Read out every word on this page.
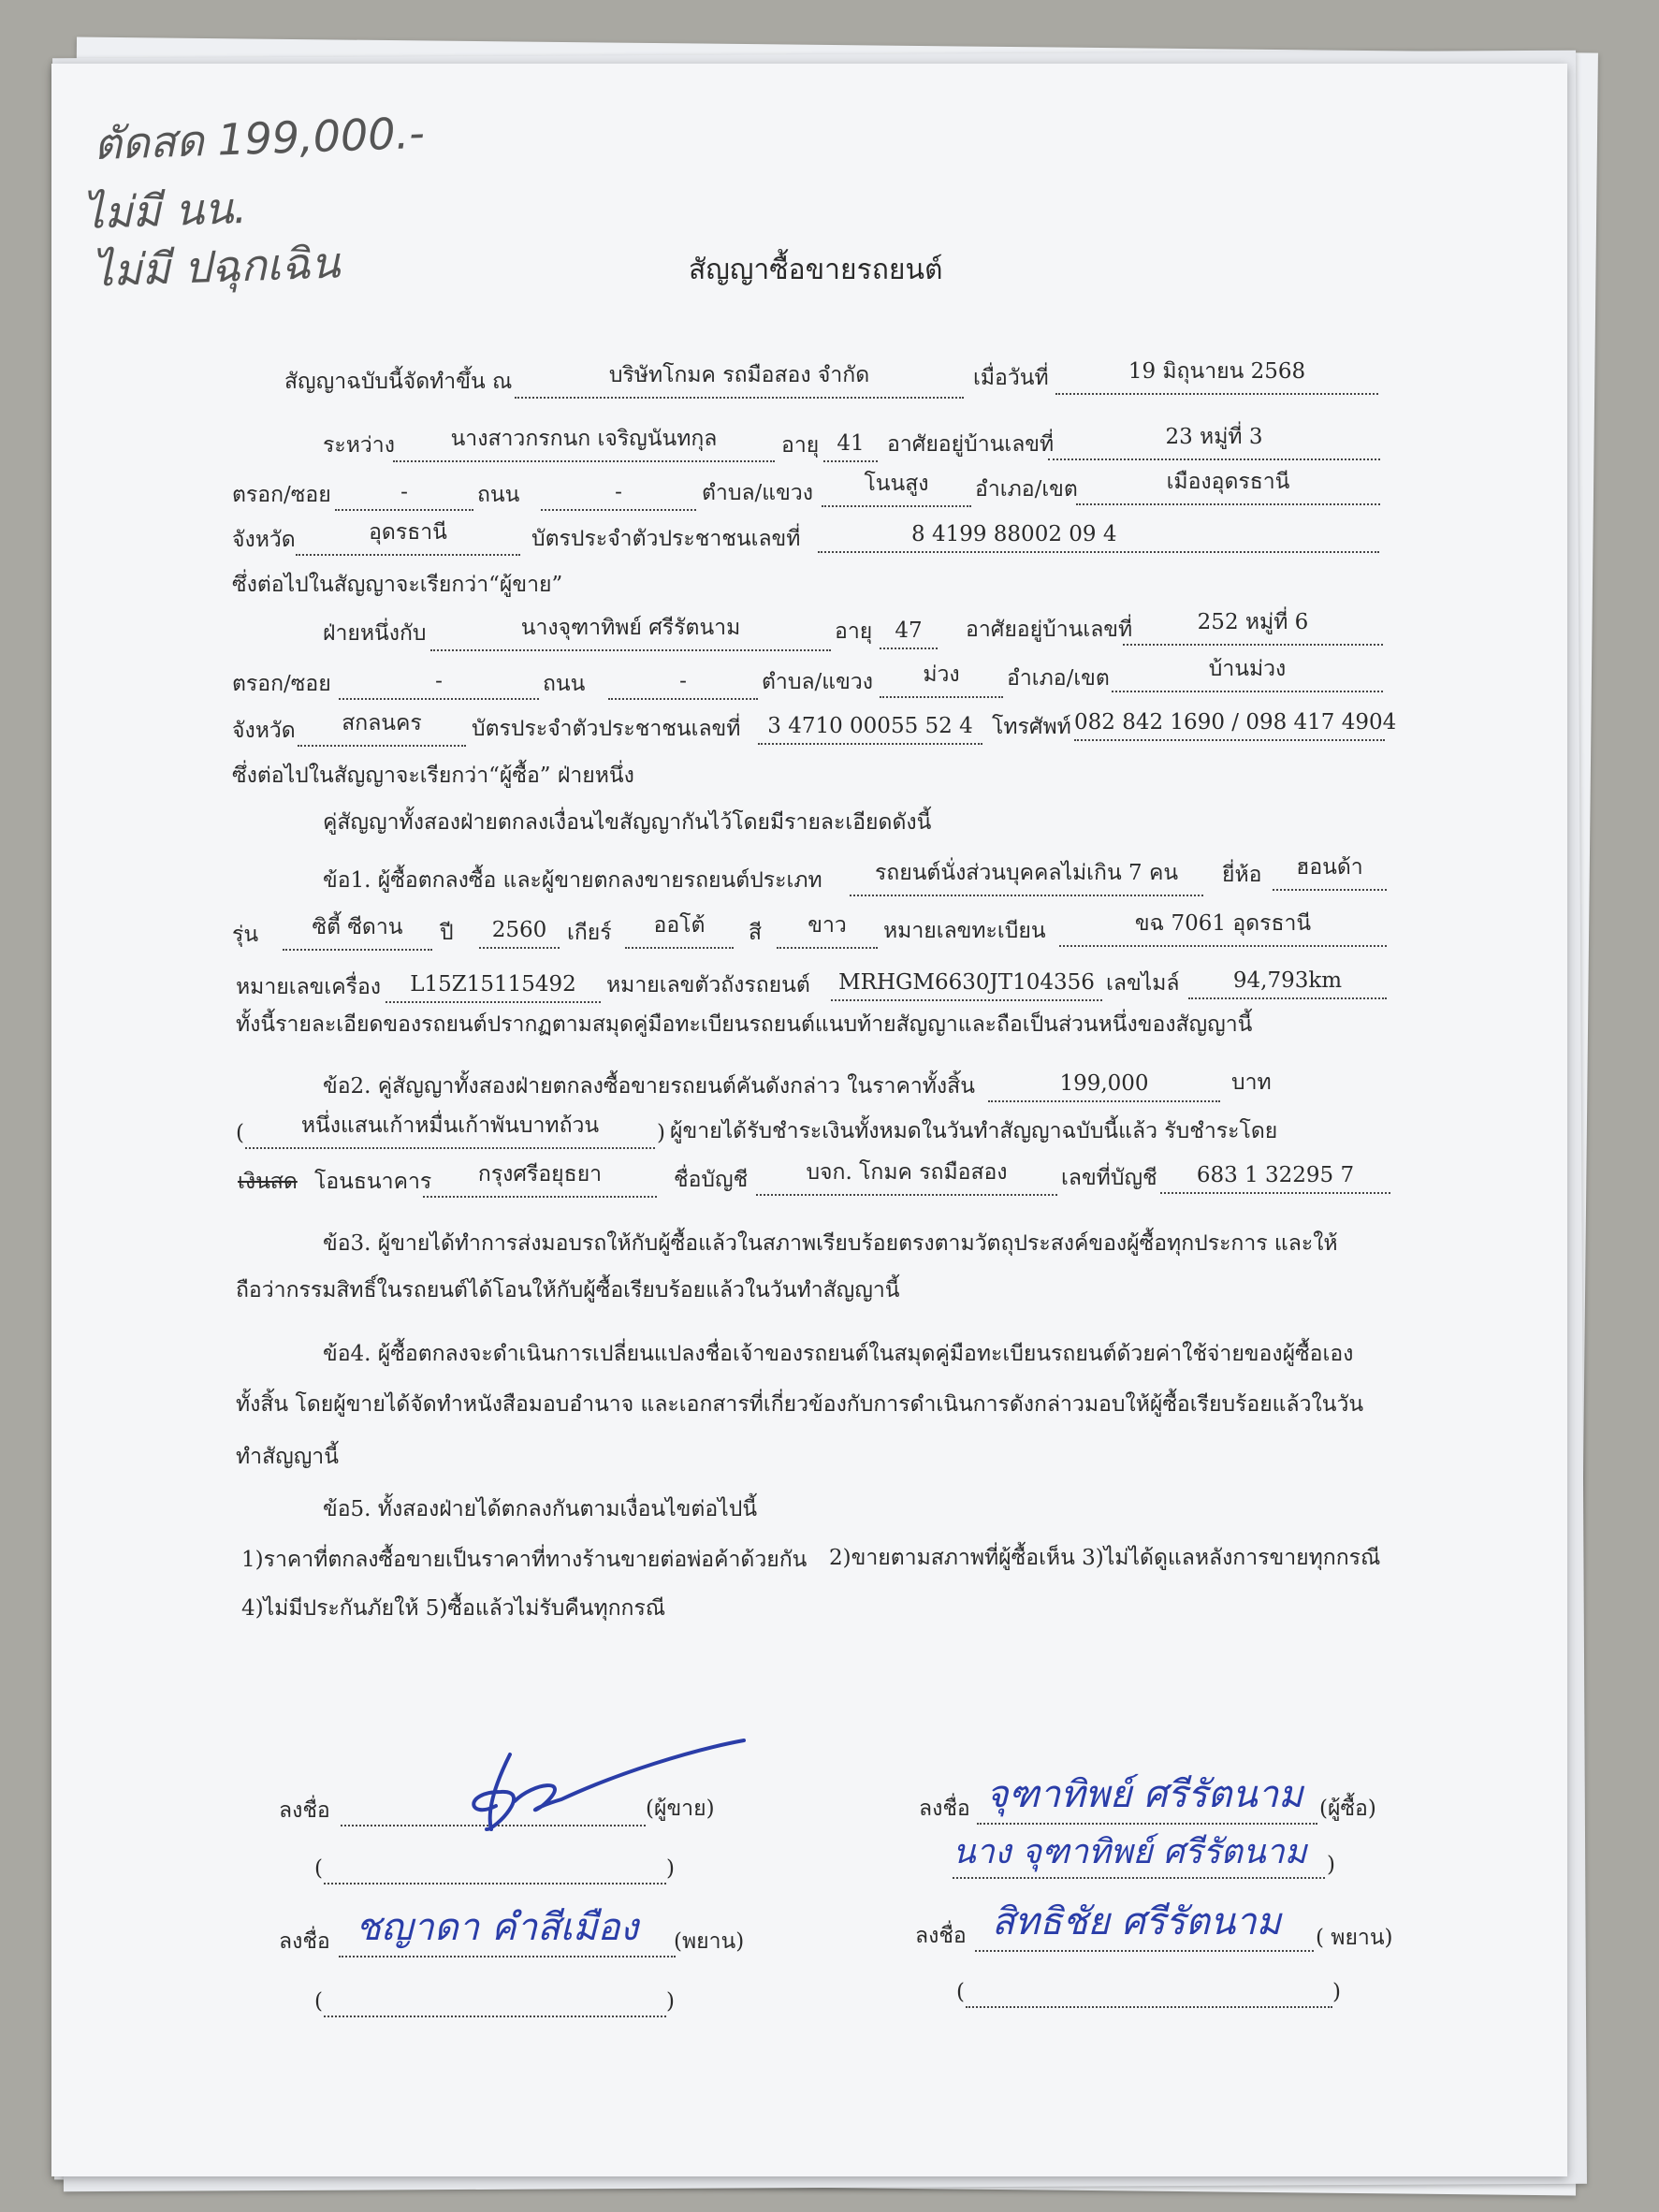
ตัดสด 199,000.-
ไม่มี นน.
ไม่มี ปฉุกเฉิน	สัญญาซื้อขายรถยนต์
สัญญาฉบับนี้จัดทำขึ้น ณ	บริษัทโกมค รถมือสอง จำกัด	เมื่อวันที่	19 มิถุนายน 2568
ระหว่าง	นางสาวกรกนก เจริญนันทกุล	อายุ 41	อาศัยอยู่บ้านเลขที่	23 หมู่ที่ 3
ตรอก/ซอย	-	ถนน	-	ตำบล/แขวง	โนนสูง	อำเภอ/เขต	เมืองอุดรธานี
จังหวัด	อุดรธานี	บัตรประจำตัวประชาชนเลขที่	8 4199 88002 09 4
ซึ่งต่อไปในสัญญาจะเรียกว่า“ผู้ขาย”
ฝ่ายหนึ่งกับ	นางจุฑาทิพย์ ศรีรัตนาม	อายุ	47	อาศัยอยู่บ้านเลขที่	252 หมู่ที่ 6
ตรอก/ซอย	-	ถนน	-	ตำบล/แขวง	ม่วง	อำเภอ/เขต	บ้านม่วง
จังหวัด	สกลนคร	บัตรประจำตัวประชาชนเลขที่	3 4710 00055 52 4 โทรศัพท์ 082 842 1690 / 098 417 4904
ซึ่งต่อไปในสัญญาจะเรียกว่า“ผู้ซื้อ” ฝ่ายหนึ่ง
คู่สัญญาทั้งสองฝ่ายตกลงเงื่อนไขสัญญากันไว้โดยมีรายละเอียดดังนี้
ข้อ1. ผู้ซื้อตกลงซื้อ และผู้ขายตกลงขายรถยนต์ประเภท	รถยนต์นั่งส่วนบุคคลไม่เกิน 7 คน	ยี่ห้อ	ฮอนด้า
รุ่น	ซิตี้ ซีดาน	ปี	2560 เกียร์	ออโต้	สี	ขาว	หมายเลขทะเบียน	ขฉ 7061 อุดรธานี
หมายเลขเครื่อง	L15Z15115492	หมายเลขตัวถังรถยนต์	MRHGM6630JT104356 เลขไมล์	94,793km
ทั้งนี้รายละเอียดของรถยนต์ปรากฏตามสมุดคู่มือทะเบียนรถยนต์แนบท้ายสัญญาและถือเป็นส่วนหนึ่งของสัญญานี้
ข้อ2. คู่สัญญาทั้งสองฝ่ายตกลงซื้อขายรถยนต์คันดังกล่าว ในราคาทั้งสิ้น	199,000	บาท
(	หนึ่งแสนเก้าหมื่นเก้าพันบาทถ้วน	) ผู้ขายได้รับชำระเงินทั้งหมดในวันทำสัญญาฉบับนี้แล้ว รับชำระโดย
เงินสด โอนธนาคาร	กรุงศรีอยุธยา	ชื่อบัญชี	บจก. โกมค รถมือสอง	เลขที่บัญชี	683 1 32295 7
ข้อ3. ผู้ขายได้ทำการส่งมอบรถให้กับผู้ซื้อแล้วในสภาพเรียบร้อยตรงตามวัตถุประสงค์ของผู้ซื้อทุกประการ และให้
ถือว่ากรรมสิทธิ์ในรถยนต์ได้โอนให้กับผู้ซื้อเรียบร้อยแล้วในวันทำสัญญานี้
ข้อ4. ผู้ซื้อตกลงจะดำเนินการเปลี่ยนแปลงชื่อเจ้าของรถยนต์ในสมุดคู่มือทะเบียนรถยนต์ด้วยค่าใช้จ่ายของผู้ซื้อเอง
ทั้งสิ้น โดยผู้ขายได้จัดทำหนังสือมอบอำนาจ และเอกสารที่เกี่ยวข้องกับการดำเนินการดังกล่าวมอบให้ผู้ซื้อเรียบร้อยแล้วในวัน
ทำสัญญานี้
ข้อ5. ทั้งสองฝ่ายได้ตกลงกันตามเงื่อนไขต่อไปนี้
1)ราคาที่ตกลงซื้อขายเป็นราคาที่ทางร้านขายต่อพ่อค้าด้วยกัน 2)ขายตามสภาพที่ผู้ซื้อเห็น 3)ไม่ได้ดูแลหลังการขายทุกกรณี
4)ไม่มีประกันภัยให้ 5)ซื้อแล้วไม่รับคืนทุกกรณี
ลงชื่อ	(ผู้ขาย)
(	)
ลงชื่อ ชญาดา คำสีเมือง (พยาน)
(	)
ลงชื่อ จุฑาทิพย์ ศรีรัตนาม (ผู้ซื้อ)
นาง จุฑาทิพย์ ศรีรัตนาม )
ลงชื่อ สิทธิชัย ศรีรัตนาม ( พยาน)
(	)
